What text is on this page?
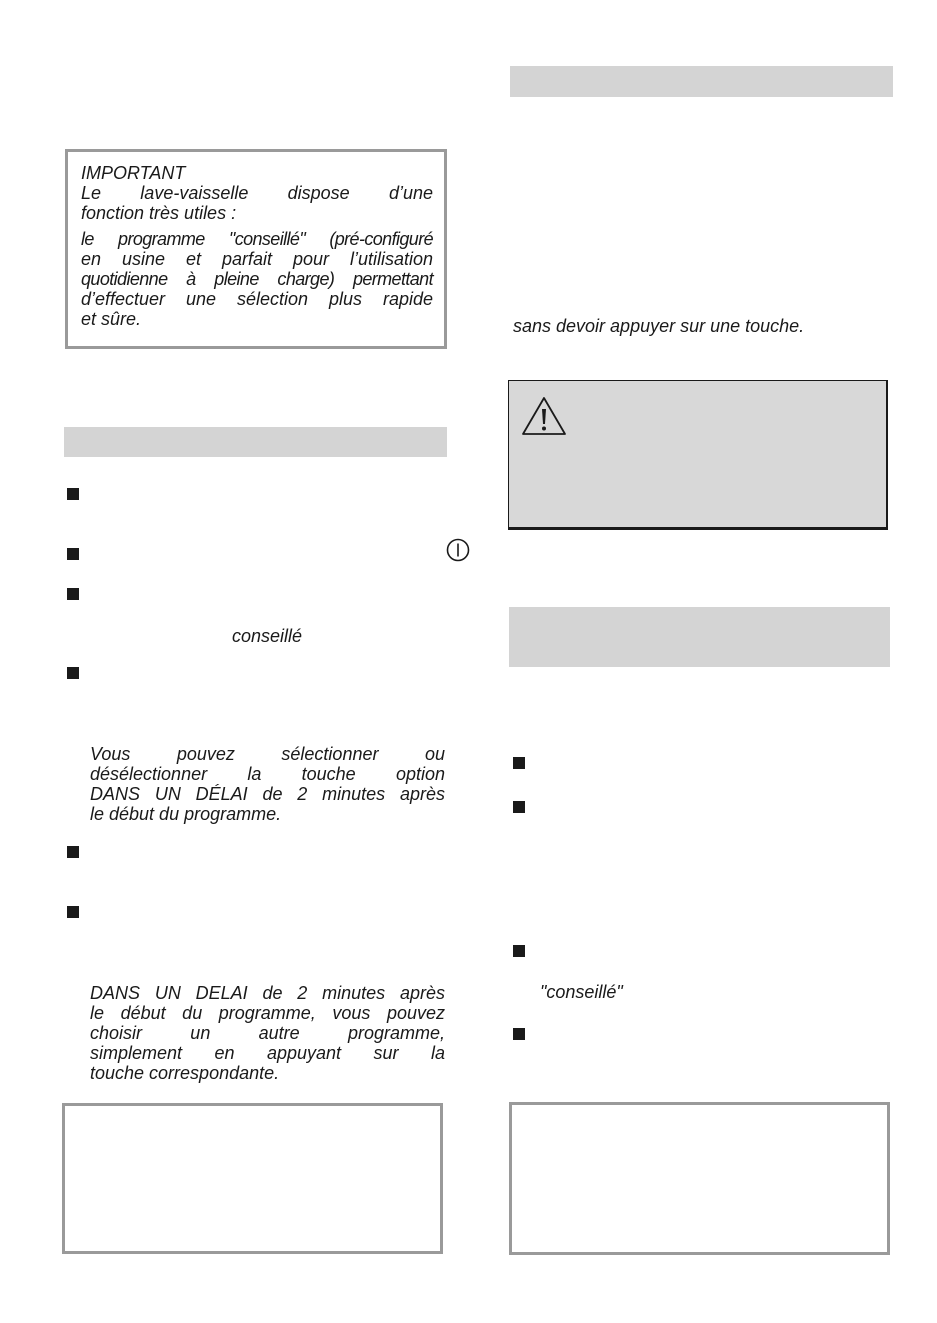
IMPORTANT
Le lave-vaisselle dispose d’une
fonction très utiles :
le programme "conseillé" (pré-configuré
en usine et parfait pour l’utilisation
quotidienne à pleine charge) permettant
d’effectuer une sélection plus rapide
et sûre.
conseillé
Vous pouvez sélectionner ou
désélectionner la touche option
DANS UN DÉLAI de 2 minutes après
le début du programme.
DANS UN DELAI de 2 minutes après
le début du programme, vous pouvez
choisir un autre programme,
simplement en appuyant sur la
touche correspondante.
sans devoir appuyer sur une touche.
"conseillé"
